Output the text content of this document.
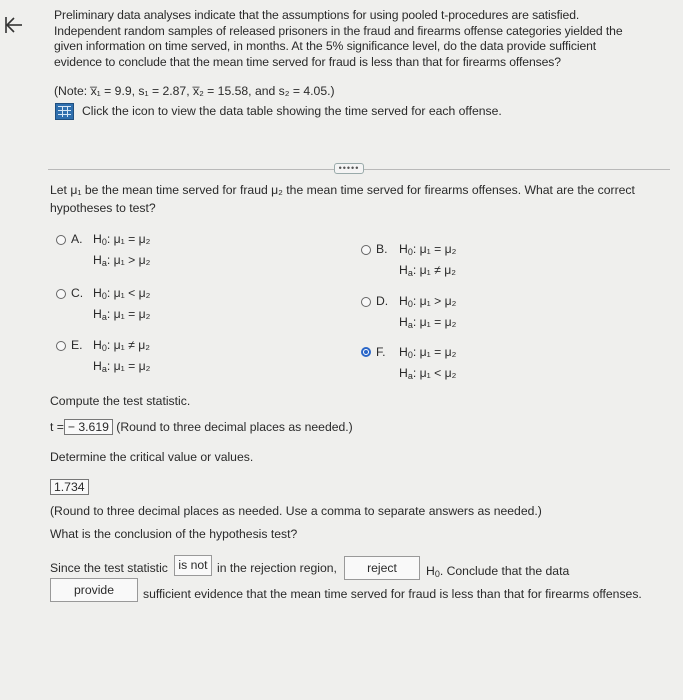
Preliminary data analyses indicate that the assumptions for using pooled t-procedures are satisfied.
Independent random samples of released prisoners in the fraud and firearms offense categories yielded the
given information on time served, in months. At the 5% significance level, do the data provide sufficient
evidence to conclude that the mean time served for fraud is less than that for firearms offenses?
(Note: x̅₁ = 9.9, s₁ = 2.87, x̅₂ = 15.58, and s₂ = 4.05.)
Click the icon to view the data table showing the time served for each offense.
•••••
Let μ₁ be the mean time served for fraud μ₂ the mean time served for firearms offenses. What are the correct hypotheses to test?
A. $H_0$: μ₁ = μ₂
$H_a$: μ₁ > μ₂
B. $H_0$: μ₁ = μ₂
$H_a$: μ₁ ≠ μ₂
C. $H_0$: μ₁ < μ₂
$H_a$: μ₁ = μ₂
D. $H_0$: μ₁ > μ₂
$H_a$: μ₁ = μ₂
E. $H_0$: μ₁ ≠ μ₂
$H_a$: μ₁ = μ₂
F. $H_0$: μ₁ = μ₂
$H_a$: μ₁ < μ₂
Compute the test statistic.
t = − 3.619 (Round to three decimal places as needed.)
Determine the critical value or values.
1.734
(Round to three decimal places as needed. Use a comma to separate answers as needed.)
What is the conclusion of the hypothesis test?
Since the test statistic is not in the rejection region,	reject	$H_0$. Conclude that the data
provide	sufficient evidence that the mean time served for fraud is less than that for firearms offenses.
